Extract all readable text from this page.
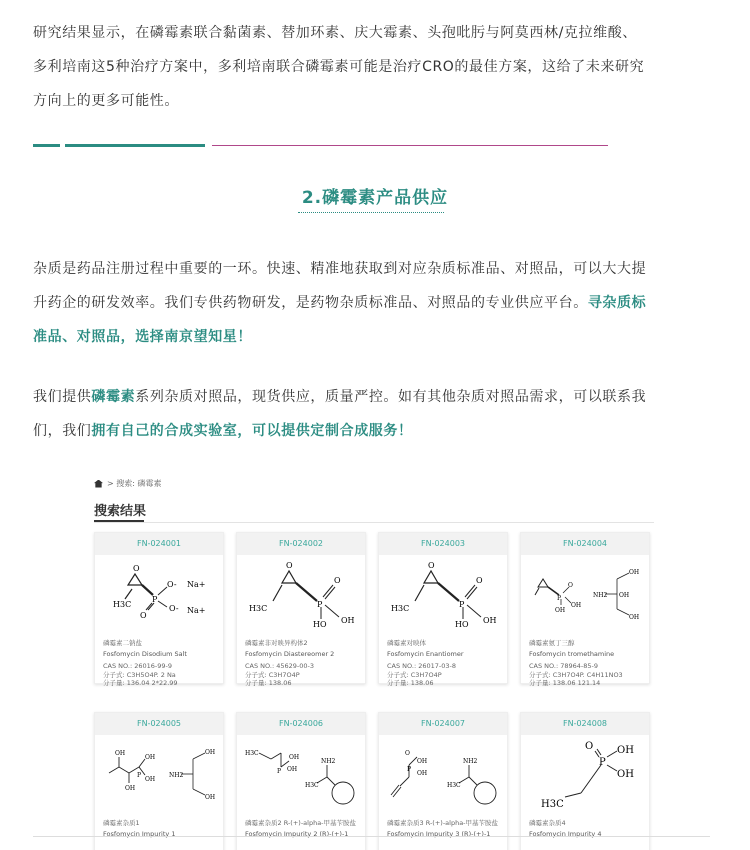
研究结果显示，在磷霉素联合黏菌素、替加环素、庆大霉素、头孢吡肟与阿莫西林/克拉维酸、
多利培南这5种治疗方案中，多利培南联合磷霉素可能是治疗CRO的最佳方案，这给了未来研究
方向上的更多可能性。

2.磷霉素产品供应

杂质是药品注册过程中重要的一环。快速、精准地获取到对应杂质标准品、对照品，可以大大提
升药企的研发效率。我们专供药物研发，是药物杂质标准品、对照品的专业供应平台。寻杂质标
准品、对照品，选择南京望知星！

我们提供磷霉素系列杂质对照品，现货供应，质量严控。如有其他杂质对照品需求，可以联系我
们，我们拥有自己的合成实验室，可以提供定制合成服务！

> 搜索: 磷霉素
搜索结果
FN-024001
H3C
O
P
O-
O
O-
Na+
Na+
磷霉素二钠盐
Fosfomycin Disodium Salt
CAS NO.: 26016-99-9
分子式: C3H5O4P. 2 Na
分子量: 136.04 2*22.99
FN-024002
H3C
O
P
O
HO OH
磷霉素非对映异构体2
Fosfomycin Diastereomer 2
CAS NO.: 45629-00-3
分子式: C3H7O4P
分子量: 138.06
FN-024003
H3C
O
P
O
HO OH
磷霉素对映体
Fosfomycin Enantiomer
CAS NO.: 26017-03-8
分子式: C3H7O4P
分子量: 138.06
FN-024004
P
O
OH
OH
NH2
OH
OH
OH
磷霉素氨丁三醇
Fosfomycin tromethamine
CAS NO.: 78964-85-9
分子式: C3H7O4P. C4H11NO3
分子量: 138.06 121.14
FN-024005
OH
OH
P
OH
OH
NH2
OH
OH
磷霉素杂质1
Fosfomycin Impurity 1
FN-024006
H3C
P
OH
OH
NH2
H3C
磷霉素杂质2 R-(+)-alpha-甲基苄胺盐
Fosfomycin Impurity 2 (R)-(+)-1
FN-024007
O
P
OH
OH
NH2
H3C
磷霉素杂质3 R-(+)-alpha-甲基苄胺盐
Fosfomycin Impurity 3 (R)-(+)-1
FN-024008
O
P
OH
OH
H3C
磷霉素杂质4
Fosfomycin Impurity 4
